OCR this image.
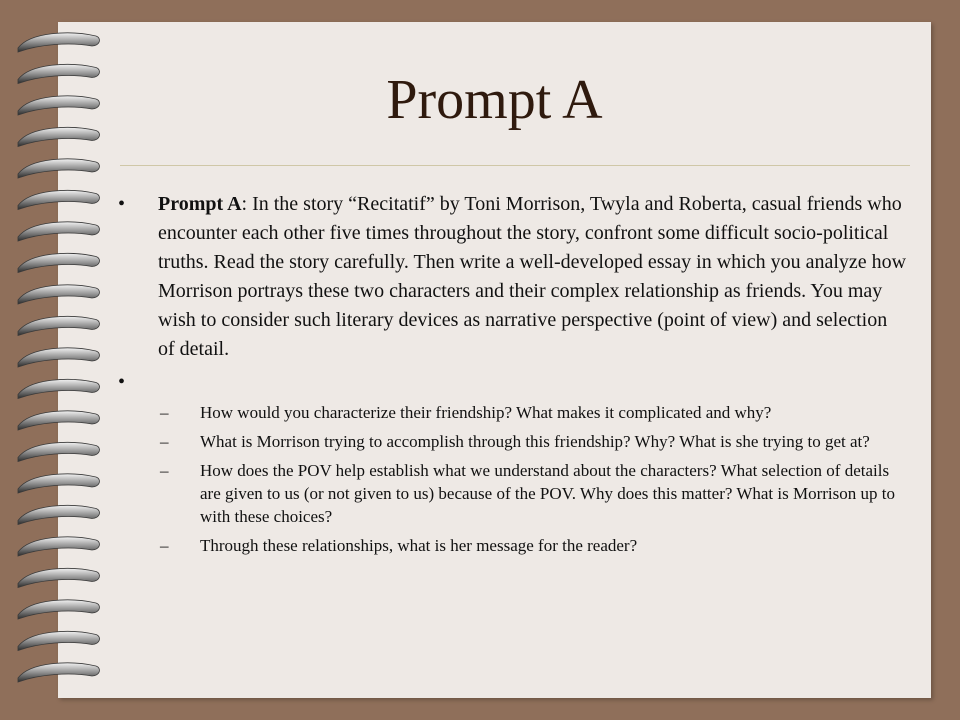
Prompt A
•	Prompt A: In the story “Recitatif” by Toni Morrison, Twyla and Roberta, casual friends who encounter each other five times throughout the story, confront some difficult socio-political truths. Read the story carefully. Then write a well-developed essay in which you analyze how Morrison portrays these two characters and their complex relationship as friends. You may wish to consider such literary devices as narrative perspective (point of view) and selection of detail.
•
–	How would you characterize their friendship? What makes it complicated and why?
–	What is Morrison trying to accomplish through this friendship? Why? What is she trying to get at?
–	How does the POV help establish what we understand about the characters? What selection of details are given to us (or not given to us) because of the POV. Why does this matter? What is Morrison up to with these choices?
–	Through these relationships, what is her message for the reader?
